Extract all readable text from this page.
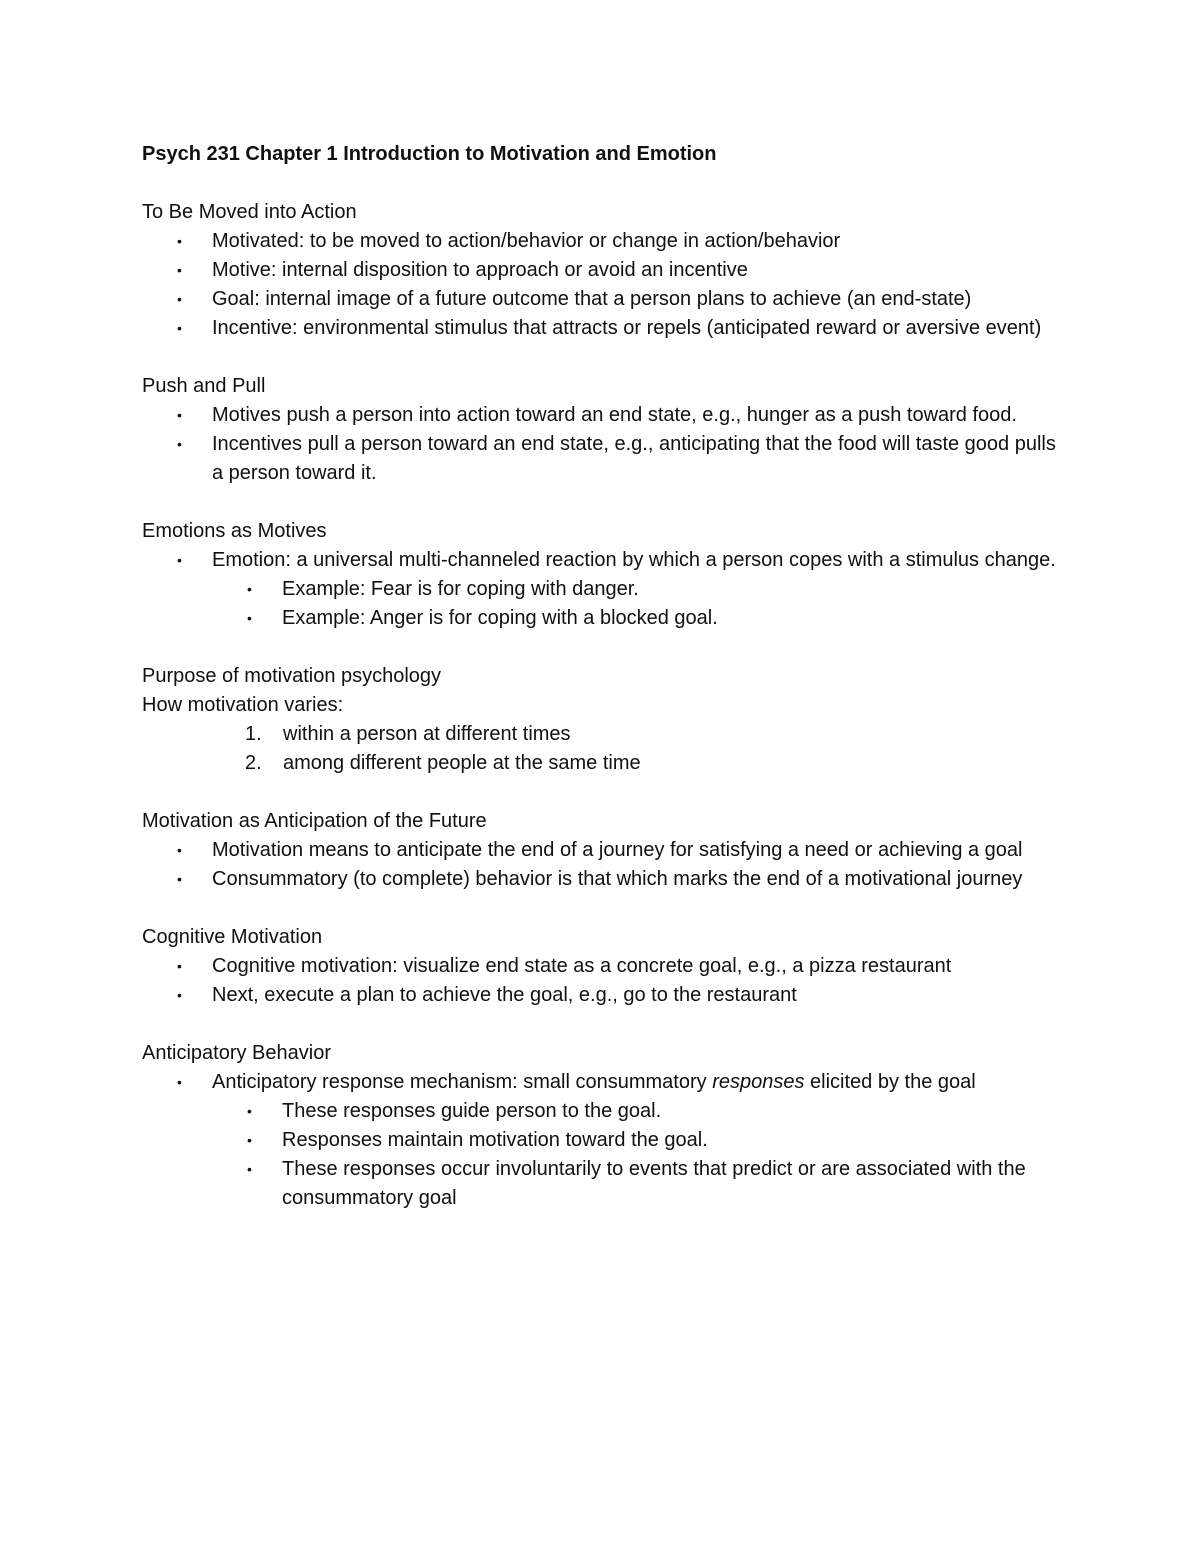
Psych 231 Chapter 1 Introduction to Motivation and Emotion
To Be Moved into Action
• Motivated: to be moved to action/behavior or change in action/behavior
• Motive: internal disposition to approach or avoid an incentive
• Goal: internal image of a future outcome that a person plans to achieve (an end-state)
• Incentive: environmental stimulus that attracts or repels (anticipated reward or aversive event)
Push and Pull
• Motives push a person into action toward an end state, e.g., hunger as a push toward food.
• Incentives pull a person toward an end state, e.g., anticipating that the food will taste good pulls a person toward it.
Emotions as Motives
• Emotion: a universal multi-channeled reaction by which a person copes with a stimulus change.
• Example: Fear is for coping with danger.
• Example: Anger is for coping with a blocked goal.
Purpose of motivation psychology
How motivation varies:
1. within a person at different times
2. among different people at the same time
Motivation as Anticipation of the Future
• Motivation means to anticipate the end of a journey for satisfying a need or achieving a goal
• Consummatory (to complete) behavior is that which marks the end of a motivational journey
Cognitive Motivation
• Cognitive motivation: visualize end state as a concrete goal, e.g., a pizza restaurant
• Next, execute a plan to achieve the goal, e.g., go to the restaurant
Anticipatory Behavior
• Anticipatory response mechanism: small consummatory responses elicited by the goal
• These responses guide person to the goal.
• Responses maintain motivation toward the goal.
• These responses occur involuntarily to events that predict or are associated with the consummatory goal
